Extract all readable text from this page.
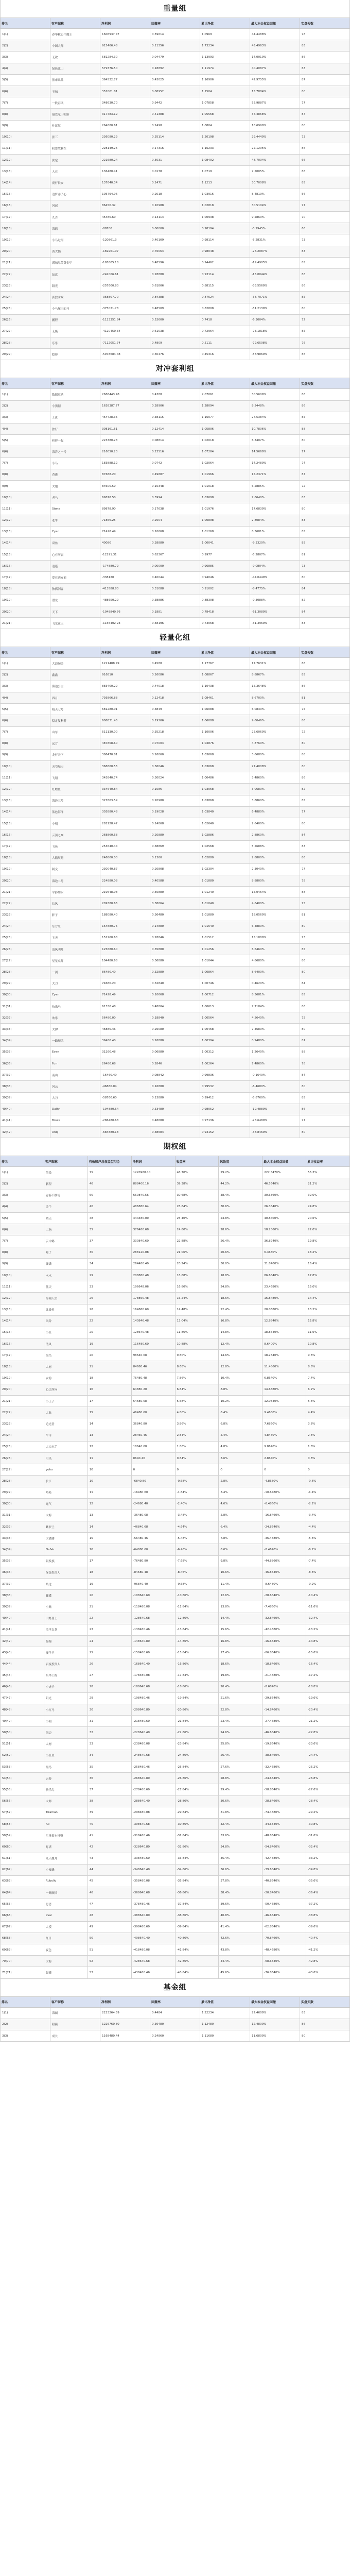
重量组
排名	客户昵称	净利润	回撤率	累计净值	最大本金权益回撤	实盘天数
1(1)	春华秋实牛魔王	1606937.47	0.59614	1.0969	44.4488%	78
2(2)	中国大师	915466.48	0.11356	1.73234	45.4963%	83
3(3)	无敌	581284.30	0.04479	1.13993	14.0010%	86
4(4)	绿色江山	579376.50	0.18892	1.11974	40.4087%	63
5(5)	熊市出品	364532.77	0.43025	1.16906	42.9755%	87
6(6)	王城	351001.81	0.08952	1.1504	15.7884%	80
7(7)	一股春风	348630.70	0.9442	1.07858	55.9887%	77
8(8)	最爱吃三明治	317483.19	0.41388	1.05568	37.4868%	87
9(9)	叶落红	264880.61	0.2498	1.0804	18.6990%	80
10(10)	张三	236080.29	0.35114	1.20198	29.4440%	73
11(11)	我思故我在	228149.25	0.17316	1.16233	22.1205%	86
12(12)	淡定	221680.24	0.5031	1.08402	48.7004%	66
13(13)	人在	136480.41	0.0178	1.0719	7.5005%	86
14(14)	夜行长安	137640.34	0.2471	1.1213	30.7008%	85
15(15)	追梦赤子心	105794.96	0.2018	1.03916	8.4819%	56
16(16)	风起	86450.32	0.10988	1.02818	30.5104%	77
17(17)	九吉	45480.60	0.13114	1.00938	9.2860%	70
18(18)	海鸥	-88700	0.00000	0.98194	-3.9945%	66
19(19)	小马过河	-120861.3	0.40109	0.98114	-5.2831%	73
20(20)	黄大仙	-169261.07	0.76064	0.98048	-26.2087%	83
21(21)	满城尽带黄金甲	-195805.18	0.48596	0.94462	-19.4905%	85
22(22)	如意	-242006.61	0.28880	0.93114	-15.0044%	88
23(23)	阳光	-257600.80	0.61806	0.88115	-33.5560%	86
24(24)	孤独求败	-358807.70	0.84388	0.87624	-38.7071%	85
25(25)	小马尾巴的马	-375021.78	0.48509	0.82808	-51.2130%	80
26(26)	鹏程	-1123351.84	0.52600	0.7418	-6.3004%	72
27(27)	无极	-4120450.34	0.61038	0.72964	-73.1818%	85
28(28)	乐乐	-7112051.74	0.4809	0.5111	-79.6508%	76
29(29)	隐形	-5978684.48	0.30476	0.45316	-58.9860%	86
对冲套利组
排名	客户昵称	净利润	回撤率	累计净值	最大本金权益回撤	实盘天数
1(1)	数据驱动	2686443.48	0.4388	2.07061	30.5609%	86
2(2)	小黑帽	1638387.77	0.28906	1.28094	8.5448%	86
3(3)	上涨	464428.35	0.38115	1.16077	27.5384%	85
4(4)	独行	308161.51	0.12414	1.05806	10.7806%	88
5(5)	和你一起	223380.28	0.08814	1.02018	6.3407%	80
6(6)	海洋之一号	216050.20	0.23516	1.07204	14.5660%	77
7(7)	小马	183888.12	0.0742	1.02064	14.2480%	74
8(8)	香港	87688.20	0.49887	1.01966	15.2371%	87
9(9)	大炮	84600.59	0.10348	1.01018	6.2885%	72
10(10)	老马	69878.50	0.3994	1.03698	7.6640%	83
11(11)	Stone	89878.90	0.17638	1.01976	17.6830%	80
12(12)	老牛	71866.25	0.2504	1.00898	2.8084%	83
13(13)	Cyan	71428.49	0.10668	1.01268	8.3681%	85
14(14)	双鱼	40080	0.28880	1.00041	-9.3320%	85
15(15)	心有所属	-12291.31	0.62367	0.9977	-5.2807%	81
16(16)	逍遥	-174880.79	0.00000	0.96885	-9.0804%	73
17(17)	爱在西元前	-338120	0.40044	0.94046	-44.0440%	80
18(18)	独孤剑客	-413588.80	0.31088	0.91002	-8.4775%	84
19(19)	潜龙	-488650.29	0.38886	0.88308	-9.3088%	82
20(20)	天下	-1048840.76	0.1881	0.78418	-61.3080%	84
21(21)	飞龙在天	-1156402.23	0.58196	0.73068	-31.3960%	83
轻量化组
排名	客户昵称	净利润	回撤率	累计净值	最大本金权益回撤	实盘天数
1(1)	大浪淘金	1221488.49	0.4588	1.17767	17.7631%	86
2(2)	鑫鑫	916810	0.26086	1.08867	8.8867%	85
3(3)	海边公主	883400.29	0.44018	1.10438	15.3648%	86
4(4)	四月	793866.88	0.12418	1.08461	8.6700%	81
5(5)	晴天七号	681280.01	0.3849	1.06088	6.0830%	75
6(6)	稳定复利者	608831.45	0.19206	1.06088	9.6046%	86
7(7)	山东	511130.00	0.35218	1.10006	25.6060%	72
8(8)	远方	487808.60	0.07004	1.04876	4.8760%	80
9(9)	龙行天下	386470.81	0.26060	1.03668	3.6680%	88
10(10)	天空城市	368860.56	0.36046	1.03668	27.4008%	80
11(11)	飞翔	343840.74	0.30024	1.00486	3.4860%	86
12(12)	红鲤鱼	334640.84	0.1086	1.03068	3.0680%	82
13(13)	海边三号	327863.59	0.20980	1.03868	3.8860%	85
14(14)	蓝色海洋	303880.48	0.19028	1.03840	6.4880%	77
15(15)	小明	281128.47	0.14868	1.02640	2.6400%	80
16(16)	云顶之巅	268860.68	0.20880	1.02886	2.8860%	84
17(17)	飞鱼	253640.44	0.38869	1.02568	5.5688%	83
18(18)	大鹏展翅	246800.00	0.1360	1.02880	2.8800%	86
19(19)	阿文	230040.87	0.20808	1.02304	2.3040%	77
20(20)	海边二号	224880.08	0.40588	1.01880	8.8800%	78
21(21)	平静如水	219648.08	0.50880	1.01240	15.0464%	88
22(22)	长风	209380.66	0.38664	1.01040	4.6400%	75
23(23)	胖子	188080.40	0.36480	1.01880	18.0560%	81
24(24)	东方红	164880.75	0.14880	1.01640	6.4880%	80
25(25)	飞天	151260.68	0.28846	1.01512	15.1880%	73
26(26)	清风明月	125680.60	0.35880	1.01256	6.6460%	85
27(27)	星星点灯	104480.68	0.36880	1.01044	4.8680%	86
28(28)	一剑	86480.40	0.32880	1.00864	8.6400%	80
29(29)	大刀	74680.20	0.32840	1.00746	0.4620%	84
30(30)	Cyan	71428.49	0.10668	1.00712	8.3681%	85
31(31)	快乐马	61330.48	0.48804	1.00613	7.7184%	86
32(32)	欢乐	56480.00	0.18840	1.00564	4.5640%	75
33(33)	大伊	46880.46	0.26080	1.00468	7.4680%	80
34(34)	一路顺风	39480.40	0.26880	1.00394	0.9480%	81
35(35)	Evan	31260.48	0.06880	1.00312	1.2640%	88
36(36)	Fun	26480.68	0.2846	1.00264	7.4860%	78
37(37)	南山	-16460.40	0.08842	0.99836	-0.1640%	84
38(38)	风云	-46880.04	0.16880	0.99532	-6.4680%	80
39(39)	大刀	-58760.60	0.13880	0.99412	-5.8760%	85
40(40)	DaRyl	-194880.64	0.33480	0.98052	-19.4880%	86
41(41)	Bruce	-286480.68	0.48680	0.97136	-28.6480%	77
42(42)	Anqi	-684880.18	0.38684	0.93152	-38.8460%	80
期权组
排名	客户昵称	有效账户总权益(万元)	净利润	收益率	风险度	最大本金权益回撤	累计收益率
1(1)	墨染	75	1220988.10	48.70%	29.2%	222.8470%	55.3%
2(2)	鹏程	46	888400.16	39.38%	44.2%	46.5640%	21.2%
3(3)	青春不散场	60	660840.56	30.68%	38.4%	30.6860%	32.0%
4(4)	金牛	40	486880.64	28.84%	30.6%	26.3840%	24.8%
5(5)	晴天	48	444480.00	25.40%	24.8%	40.8400%	20.6%
6(6)	二狗	35	376480.68	24.80%	28.6%	18.2860%	22.0%
7(7)	云中鹤	37	330840.60	22.88%	26.4%	36.8240%	19.8%
8(8)	知了	30	288120.08	21.06%	20.6%	6.4680%	18.2%
9(9)	潇潇	34	264480.40	20.24%	30.0%	31.8400%	16.4%
10(10)	木木	29	208880.48	18.68%	18.8%	86.6840%	17.8%
11(11)	蓝天	33	196648.06	16.80%	24.8%	23.4680%	15.0%
12(12)	海阔天空	26	178860.48	16.24%	18.6%	16.8480%	14.4%
13(13)	北极星	28	164860.60	14.48%	22.4%	20.0680%	13.2%
14(14)	风铃	22	140846.48	13.04%	16.8%	12.8840%	12.8%
15(15)	小丑	25	128640.48	11.86%	14.8%	18.8640%	11.6%
16(16)	清风	19	116480.60	10.88%	12.4%	8.6400%	10.8%
17(17)	海鸟	20	98640.08	9.80%	14.6%	18.2840%	9.6%
18(18)	大树	21	84680.46	8.68%	12.8%	11.4860%	8.8%
19(19)	安稳	18	76480.48	7.86%	10.4%	6.8640%	7.4%
20(20)	心之所向	16	64880.20	6.84%	8.8%	14.6880%	6.2%
21(21)	小王子	17	54680.08	5.68%	10.2%	12.0840%	5.6%
22(22)	大象	15	46480.60	4.80%	8.4%	9.4680%	4.4%
23(23)	追光者	14	36840.80	3.86%	6.8%	7.6860%	3.8%
24(24)	牛市	13	28460.46	2.84%	5.4%	4.8460%	2.6%
25(25)	大力水手	12	18640.08	1.86%	4.8%	9.8640%	1.8%
26(26)	可乐	11	8640.40	0.84%	3.6%	2.8640%	0.8%
27(27)	yoho	10	0	0	0	0	0
28(28)	长江	10	-6840.80	-0.68%	2.8%	-4.8680%	-0.6%
29(29)	哈哈	11	-16480.60	-1.64%	3.4%	-10.6480%	-1.4%
30(30)	元气	12	-24680.40	-2.40%	4.6%	-6.4860%	-2.2%
31(31)	大海	13	-36480.08	-3.48%	5.8%	-16.8460%	-3.4%
32(32)	紫罗兰	14	-46840.68	-4.64%	6.4%	-24.8640%	-4.4%
33(33)	大潘潘	15	-56480.46	-5.48%	7.8%	-36.4680%	-5.6%
34(34)	NaiVe	16	-64880.60	-6.46%	8.6%	-8.4640%	-6.2%
35(35)	银发族	17	-76480.80	-7.68%	9.8%	-44.8860%	-7.4%
36(36)	绿色投资人	18	-84680.48	-8.46%	10.6%	-46.8640%	-8.6%
37(37)	路过	19	-96840.40	-9.68%	11.4%	-8.6480%	-9.2%
38(38)	蝴蝶	20	-108640.60	-10.86%	12.6%	-28.6840%	-10.4%
39(39)	小路	21	-118480.08	-11.84%	13.8%	-7.4860%	-11.6%
40(40)	山野居士	22	-128640.68	-12.86%	14.4%	-32.8460%	-12.4%
41(41)	浪里白条	23	-138480.46	-13.84%	15.6%	-42.4680%	-13.2%
42(42)	慢慢	24	-148640.80	-14.86%	16.8%	-16.6840%	-14.8%
43(43)	慢羊羊	25	-158480.60	-15.84%	17.4%	-86.8640%	-15.6%
44(44)	百变投资人	26	-168640.40	-16.86%	18.6%	-18.8460%	-16.4%
45(45)	东华工程	27	-178480.08	-17.84%	19.8%	-21.4680%	-17.2%
46(46)	小虎子	28	-188640.68	-18.86%	20.4%	-8.6840%	-18.8%
47(47)	阳光	29	-198480.46	-19.84%	21.6%	-29.8640%	-19.6%
48(48)	小红马	30	-208640.80	-20.86%	22.8%	-14.8460%	-20.4%
49(49)	小明	31	-218480.60	-21.84%	23.4%	-27.4680%	-21.2%
50(50)	海边	32	-228640.40	-22.86%	24.6%	-46.6840%	-22.8%
51(51)	大树	33	-238480.08	-23.84%	25.8%	-19.8640%	-23.6%
52(52)	小丑鱼	34	-248640.68	-24.86%	26.4%	-38.8460%	-24.4%
53(53)	黑马	35	-258480.46	-25.84%	27.6%	-32.4680%	-25.2%
54(54)	云卷	36	-268640.80	-26.86%	28.8%	-24.6840%	-26.8%
55(55)	快乐鸟	37	-278480.60	-27.84%	29.4%	-58.8640%	-27.6%
56(56)	大师	38	-288640.40	-28.86%	30.6%	-28.8460%	-28.4%
57(57)	Tiraman	39	-298480.08	-29.84%	31.8%	-74.4680%	-29.2%
58(58)	Ax	40	-308640.68	-30.86%	32.4%	-34.6840%	-30.8%
59(59)	汇量资本投资	41	-318480.46	-31.84%	33.6%	-48.8640%	-31.6%
60(60)	灯塔	42	-328640.80	-32.86%	34.8%	-54.8460%	-32.4%
61(61)	九天揽月	43	-338480.60	-33.84%	35.4%	-42.4680%	-33.2%
62(62)	小蜜蜂	44	-348640.40	-34.86%	36.6%	-39.6840%	-34.8%
63(63)	Rubyliv	45	-358480.08	-35.84%	37.8%	-40.8640%	-35.6%
64(64)	一路顺风	46	-368640.68	-36.86%	38.4%	-20.8460%	-36.4%
65(65)	思思	47	-378480.46	-37.84%	39.6%	-50.4680%	-37.2%
66(66)	aval	48	-388640.80	-38.86%	40.8%	-46.6840%	-38.8%
67(67)	大漠	49	-398480.60	-39.84%	41.4%	-62.8640%	-39.6%
68(68)	红日	50	-408640.40	-40.86%	42.6%	-70.8460%	-40.4%
69(69)	夜色	51	-418480.08	-41.84%	43.8%	-48.4680%	-41.2%
70(70)	大海	52	-428640.68	-42.86%	44.4%	-68.6840%	-42.8%
71(71)	晨曦	53	-438480.46	-43.84%	45.6%	-76.8640%	-43.6%
基金组
排名	客户昵称	净利润	回撤率	累计净值	最大本金权益回撤	实盘天数
1(1)	海阔	2223264.59	0.4484	1.22234	22.4600%	83
2(2)	稳赢	1226760.80	0.36480	1.12480	12.4800%	86
3(3)	成长	1168480.44	0.24860	1.11680	11.6800%	80
